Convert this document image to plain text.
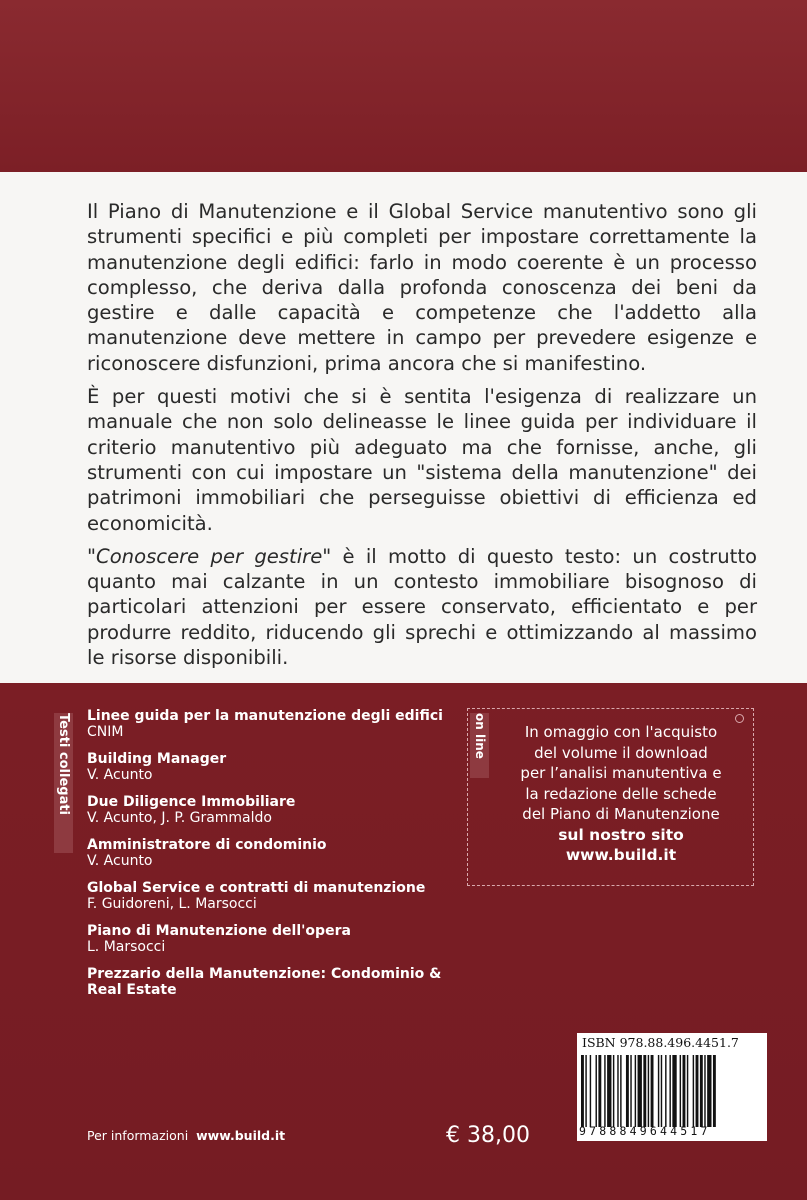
Il Piano di Manutenzione e il Global Service manutentivo sono gli strumenti specifici e più completi per impostare correttamente la manutenzione degli edifici: farlo in modo coerente è un processo complesso, che deriva dalla profonda conoscenza dei beni da gestire e dalle capacità e competenze che l'addetto alla manutenzione deve mettere in campo per prevedere esigenze e riconoscere disfunzioni, prima ancora che si manifestino.

È per questi motivi che si è sentita l'esigenza di realizzare un manuale che non solo delineasse le linee guida per individuare il criterio manutentivo più adeguato ma che fornisse, anche, gli strumenti con cui impostare un "sistema della manutenzione" dei patrimoni immobiliari che perseguisse obiettivi di efficienza ed economicità.

"Conoscere per gestire" è il motto di questo testo: un costrutto quanto mai calzante in un contesto immobiliare bisognoso di particolari attenzioni per essere conservato, efficientato e per produrre reddito, riducendo gli sprechi e ottimizzando al massimo le risorse disponibili.

Testi collegati Linee guida per la manutenzione degli edifici
CNIM
Building Manager
V. Acunto
Due Diligence Immobiliare
V. Acunto, J. P. Grammaldo
Amministratore di condominio
V. Acunto
Global Service e contratti di manutenzione
F. Guidoreni, L. Marsocci
Piano di Manutenzione dell'opera
L. Marsocci
Prezzario della Manutenzione: Condominio & Real Estate
on line	In omaggio con l'acquisto
del volume il download
per l’analisi manutentiva e
la redazione delle schede
del Piano di Manutenzione
sul nostro sito
www.build.it
Per informazioni www.build.it	€ 38,00
ISBN 978.88.496.4451.7
9788849644517
